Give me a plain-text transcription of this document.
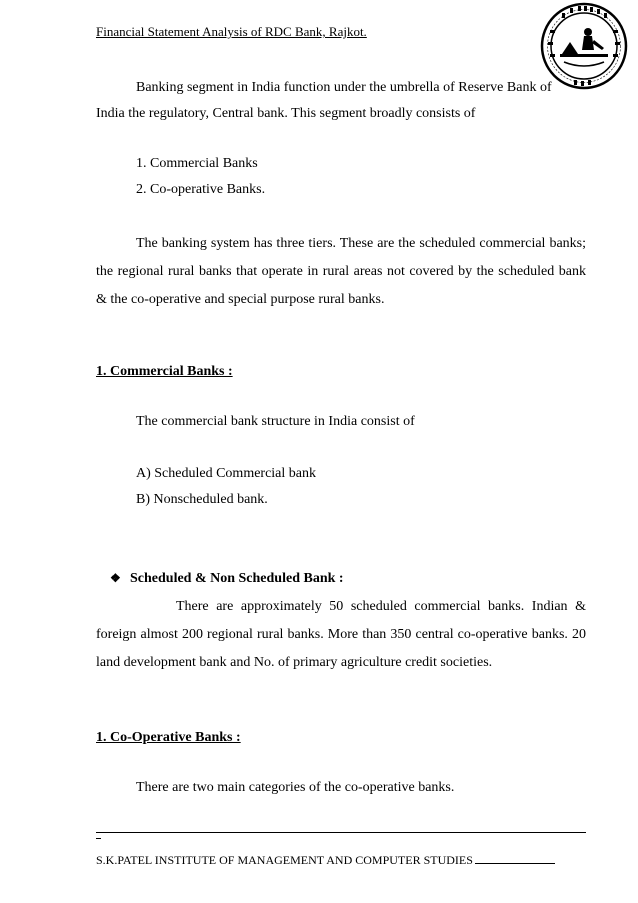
Financial Statement Analysis of RDC Bank, Rajkot.
Banking segment in India function under the umbrella of Reserve Bank of
India the regulatory, Central bank. This segment broadly consists of
1. Commercial Banks
2. Co-operative Banks.
The banking system has three tiers. These are the scheduled commercial banks; the regional rural banks that operate in rural areas not covered by the scheduled bank & the co-operative and special purpose rural banks.
1. Commercial Banks :
The commercial bank structure in India consist of
A) Scheduled Commercial bank
B) Nonscheduled bank.
❖ Scheduled & Non Scheduled Bank :
There are approximately 50 scheduled commercial banks. Indian & foreign almost 200 regional rural banks. More than 350 central co-operative banks. 20 land development bank and No. of primary agriculture credit societies.
1. Co-Operative Banks :
There are two main categories of the co-operative banks.
S.K.PATEL INSTITUTE OF MANAGEMENT AND COMPUTER STUDIES
